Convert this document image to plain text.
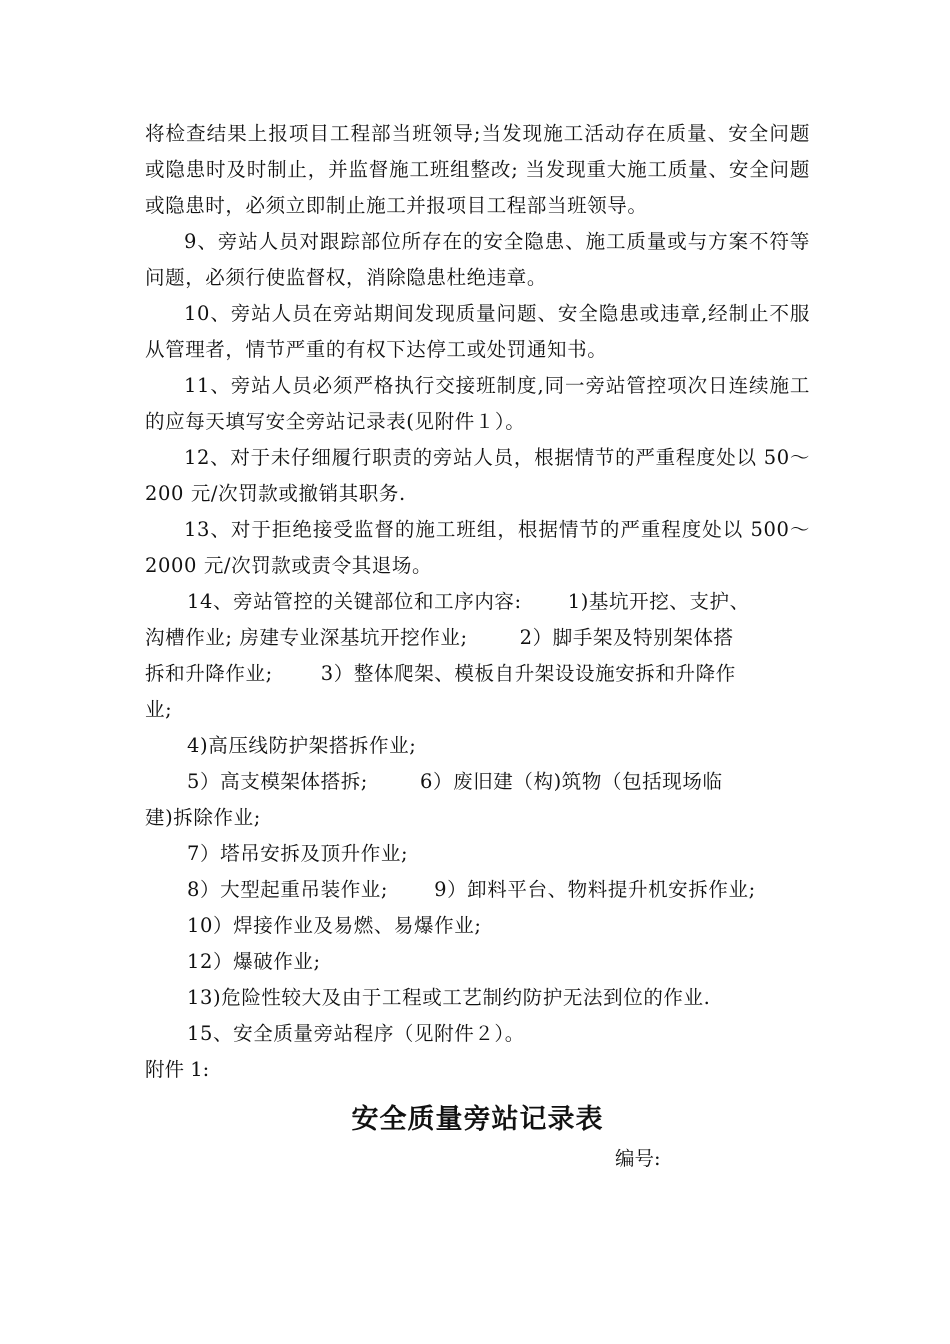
将检查结果上报项目工程部当班领导;当发现施工活动存在质量、安全问题或隐患时及时制止，并监督施工班组整改; 当发现重大施工质量、安全问题或隐患时，必须立即制止施工并报项目工程部当班领导。

9、旁站人员对跟踪部位所存在的安全隐患、施工质量或与方案不符等问题，必须行使监督权，消除隐患杜绝违章。

10、旁站人员在旁站期间发现质量问题、安全隐患或违章,经制止不服从管理者，情节严重的有权下达停工或处罚通知书。

11、旁站人员必须严格执行交接班制度,同一旁站管控项次日连续施工的应每天填写安全旁站记录表(见附件１）。

12、对于未仔细履行职责的旁站人员，根据情节的严重程度处以 50～200 元/次罚款或撤销其职务.

13、对于拒绝接受监督的施工班组，根据情节的严重程度处以 500～2000 元/次罚款或责令其退场。

14、旁站管控的关键部位和工序内容: 1)基坑开挖、支护、

沟槽作业; 房建专业深基坑开挖作业;	2）脚手架及特别架体搭

拆和升降作业; 3）整体爬架、模板自升架设设施安拆和升降作

业;

4)高压线防护架搭拆作业;

5）高支模架体搭拆;	6）废旧建（构)筑物（包括现场临

建)拆除作业;

7）塔吊安拆及顶升作业;

8）大型起重吊装作业; 9）卸料平台、物料提升机安拆作业;

10）焊接作业及易燃、易爆作业;

12）爆破作业;

13)危险性较大及由于工程或工艺制约防护无法到位的作业.

15、安全质量旁站程序（见附件２）。

附件 1:

安全质量旁站记录表

编号:
